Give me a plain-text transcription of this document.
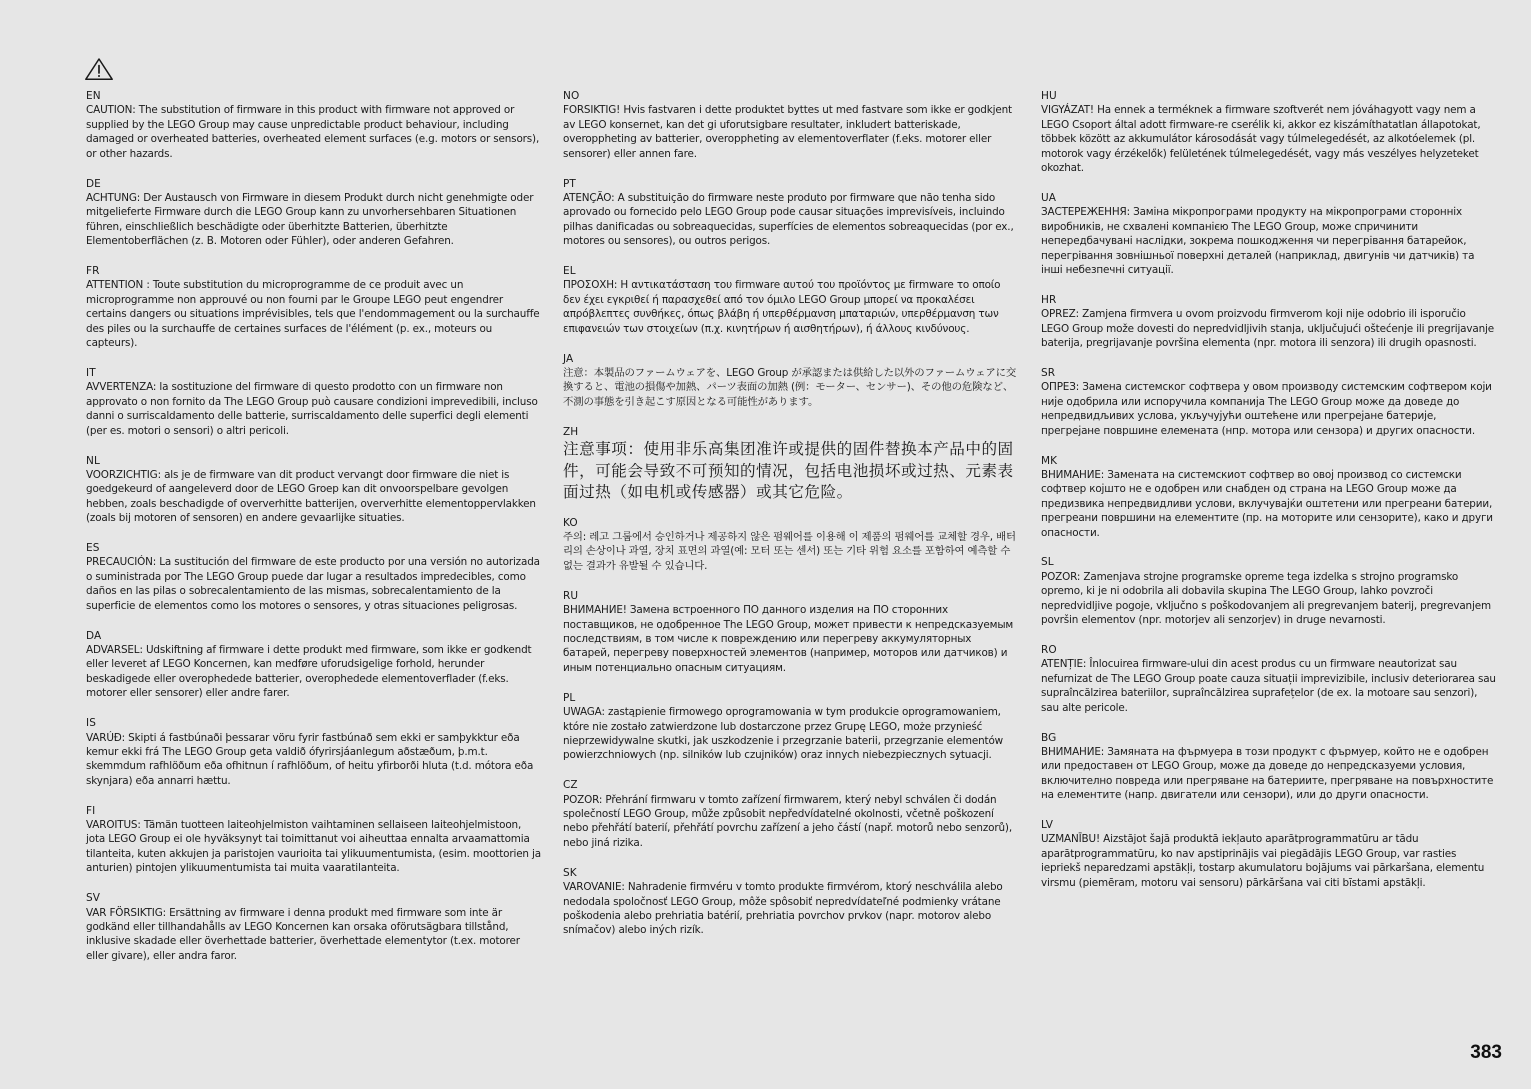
EN
CAUTION: The substitution of firmware in this product with firmware not approved or supplied by the LEGO Group may cause unpredictable product behaviour, including damaged or overheated batteries, overheated element surfaces (e.g. motors or sensors), or other hazards.
DE
ACHTUNG: Der Austausch von Firmware in diesem Produkt durch nicht genehmigte oder mitgelieferte Firmware durch die LEGO Group kann zu unvorhersehbaren Situationen führen, einschließlich beschädigte oder überhitzte Batterien, überhitzte Elementoberflächen (z. B. Motoren oder Fühler), oder anderen Gefahren.
FR
ATTENTION : Toute substitution du microprogramme de ce produit avec un microprogramme non approuvé ou non fourni par le Groupe LEGO peut engendrer certains dangers ou situations imprévisibles, tels que l'endommagement ou la surchauffe des piles ou la surchauffe de certaines surfaces de l'élément (p. ex., moteurs ou capteurs).
IT
AVVERTENZA: la sostituzione del firmware di questo prodotto con un firmware non approvato o non fornito da The LEGO Group può causare condizioni imprevedibili, incluso danni o surriscaldamento delle batterie, surriscaldamento delle superfici degli elementi (per es. motori o sensori) o altri pericoli.
NL
VOORZICHTIG: als je de firmware van dit product vervangt door firmware die niet is goedgekeurd of aangeleverd door de LEGO Groep kan dit onvoorspelbare gevolgen hebben, zoals beschadigde of oververhitte batterijen, oververhitte elementoppervlakken (zoals bij motoren of sensoren) en andere gevaarlijke situaties.
ES
PRECAUCIÓN: La sustitución del firmware de este producto por una versión no autorizada o suministrada por The LEGO Group puede dar lugar a resultados impredecibles, como daños en las pilas o sobrecalentamiento de las mismas, sobrecalentamiento de la superficie de elementos como los motores o sensores, y otras situaciones peligrosas.
DA
ADVARSEL: Udskiftning af firmware i dette produkt med firmware, som ikke er godkendt eller leveret af LEGO Koncernen, kan medføre uforudsigelige forhold, herunder beskadigede eller overophedede batterier, overophedede elementoverflader (f.eks. motorer eller sensorer) eller andre farer.
IS
VARÚÐ: Skipti á fastbúnaði þessarar vöru fyrir fastbúnað sem ekki er samþykktur eða kemur ekki frá The LEGO Group geta valdið ófyrirsjáanlegum aðstæðum, þ.m.t. skemmdum rafhlöðum eða ofhitnun í rafhlöðum, of heitu yfirborði hluta (t.d. mótora eða skynjara) eða annarri hættu.
FI
VAROITUS: Tämän tuotteen laiteohjelmiston vaihtaminen sellaiseen laiteohjelmistoon, jota LEGO Group ei ole hyväksynyt tai toimittanut voi aiheuttaa ennalta arvaamattomia tilanteita, kuten akkujen ja paristojen vaurioita tai ylikuumentumista, (esim. moottorien ja anturien) pintojen ylikuumentumista tai muita vaaratilanteita.
SV
VAR FÖRSIKTIG: Ersättning av firmware i denna produkt med firmware som inte är godkänd eller tillhandahålls av LEGO Koncernen kan orsaka oförutsägbara tillstånd, inklusive skadade eller överhettade batterier, överhettade elementytor (t.ex. motorer eller givare), eller andra faror.
NO
FORSIKTIG! Hvis fastvaren i dette produktet byttes ut med fastvare som ikke er godkjent av LEGO konsernet, kan det gi uforutsigbare resultater, inkludert batteriskade, overoppheting av batterier, overoppheting av elementoverflater (f.eks. motorer eller sensorer) eller annen fare.
PT
ATENÇÃO: A substituição do firmware neste produto por firmware que não tenha sido aprovado ou fornecido pelo LEGO Group pode causar situações imprevisíveis, incluindo pilhas danificadas ou sobreaquecidas, superfícies de elementos sobreaquecidas (por ex., motores ou sensores), ou outros perigos.
EL
ΠΡΟΣΟΧΗ: Η αντικατάσταση του firmware αυτού του προϊόντος με firmware το οποίο δεν έχει εγκριθεί ή παρασχεθεί από τον όμιλο LEGO Group μπορεί να προκαλέσει απρόβλεπτες συνθήκες, όπως βλάβη ή υπερθέρμανση μπαταριών, υπερθέρμανση των επιφανειών των στοιχείων (π.χ. κινητήρων ή αισθητήρων), ή άλλους κινδύνους.
JA
注意：本製品のファームウェアを、LEGO Group が承認または供給した以外のファームウェアに交換すると、電池の損傷や加熱、パーツ表面の加熱 (例：モーター、センサー)、その他の危険など、不測の事態を引き起こす原因となる可能性があります。
ZH
注意事项：使用非乐高集团准许或提供的固件替换本产品中的固件，可能会导致不可预知的情况，包括电池损坏或过热、元素表面过热（如电机或传感器）或其它危险。
KO
주의: 레고 그룹에서 승인하거나 제공하지 않은 펌웨어를 이용해 이 제품의 펌웨어를 교체할 경우, 배터리의 손상이나 과열, 장치 표면의 과열(예: 모터 또는 센서) 또는 기타 위험 요소를 포함하여 예측할 수 없는 결과가 유발될 수 있습니다.
RU
ВНИМАНИЕ! Замена встроенного ПО данного изделия на ПО сторонних поставщиков, не одобренное The LEGO Group, может привести к непредсказуемым последствиям, в том числе к повреждению или перегреву аккумуляторных батарей, перегреву поверхностей элементов (например, моторов или датчиков) и иным потенциально опасным ситуациям.
PL
UWAGA: zastąpienie firmowego oprogramowania w tym produkcie oprogramowaniem, które nie zostało zatwierdzone lub dostarczone przez Grupę LEGO, może przynieść nieprzewidywalne skutki, jak uszkodzenie i przegrzanie baterii, przegrzanie elementów powierzchniowych (np. silników lub czujników) oraz innych niebezpiecznych sytuacji.
CZ
POZOR: Přehrání firmwaru v tomto zařízení firmwarem, který nebyl schválen či dodán společností LEGO Group, může způsobit nepředvídatelné okolnosti, včetně poškození nebo přehřátí baterií, přehřátí povrchu zařízení a jeho částí (např. motorů nebo senzorů), nebo jiná rizika.
SK
VAROVANIE: Nahradenie firmvéru v tomto produkte firmvérom, ktorý neschválila alebo nedodala spoločnosť LEGO Group, môže spôsobiť nepredvídateľné podmienky vrátane poškodenia alebo prehriatia batérií, prehriatia povrchov prvkov (napr. motorov alebo snímačov) alebo iných rizík.
HU
VIGYÁZAT! Ha ennek a terméknek a firmware szoftverét nem jóváhagyott vagy nem a LEGO Csoport által adott firmware-re cserélik ki, akkor ez kiszámíthatatlan állapotokat, többek között az akkumulátor károsodását vagy túlmelegedését, az alkotóelemek (pl. motorok vagy érzékelők) felületének túlmelegedését, vagy más veszélyes helyzeteket okozhat.
UA
ЗАСТЕРЕЖЕННЯ: Заміна мікропрограми продукту на мікропрограми сторонніх виробників, не схвалені компанією The LEGO Group, може спричинити непередбачувані наслідки, зокрема пошкодження чи перегрівання батарейок, перегрівання зовнішньої поверхні деталей (наприклад, двигунів чи датчиків) та інші небезпечні ситуації.
HR
OPREZ: Zamjena firmvera u ovom proizvodu firmverom koji nije odobrio ili isporučio LEGO Group može dovesti do nepredvidljivih stanja, uključujući oštećenje ili pregrijavanje baterija, pregrijavanje površina elementa (npr. motora ili senzora) ili drugih opasnosti.
SR
ОПРЕЗ: Замена системског софтвера у овом производу системским софтвером који није одобрила или испоручила компанија The LEGO Group може да доведе до непредвидљивих услова, укључујући оштећене или прегрејане батерије, прегрејане површине елемената (нпр. мотора или сензора) и других опасности.
MK
ВНИМАНИЕ: Замената на системскиот софтвер во овој производ со системски софтвер којшто не е одобрен или снабден од страна на LEGO Group може да предизвика непредвидливи услови, вклучувајќи оштетени или прегреани батерии, прегреани површини на елементите (пр. на моторите или сензорите), како и други опасности.
SL
POZOR: Zamenjava strojne programske opreme tega izdelka s strojno programsko opremo, ki je ni odobrila ali dobavila skupina The LEGO Group, lahko povzroči nepredvidljive pogoje, vključno s poškodovanjem ali pregrevanjem baterij, pregrevanjem površin elementov (npr. motorjev ali senzorjev) in druge nevarnosti.
RO
ATENȚIE: Înlocuirea firmware-ului din acest produs cu un firmware neautorizat sau nefurnizat de The LEGO Group poate cauza situații imprevizibile, inclusiv deteriorarea sau supraîncălzirea bateriilor, supraîncălzirea suprafețelor (de ex. la motoare sau senzori), sau alte pericole.
BG
ВНИМАНИЕ: Замяната на фърмуера в този продукт с фърмуер, който не е одобрен или предоставен от LEGO Group, може да доведе до непредсказуеми условия, включително повреда или прегряване на батериите, прегряване на повърхностите на елементите (напр. двигатели или сензори), или до други опасности.
LV
UZMANĪBU! Aizstājot šajā produktā iekļauto aparātprogrammatūru ar tādu aparātprogrammatūru, ko nav apstiprinājis vai piegādājis LEGO Group, var rasties iepriekš neparedzami apstākļi, tostarp akumulatoru bojājums vai pārkaršana, elementu virsmu (piemēram, motoru vai sensoru) pārkāršana vai citi bīstami apstākļi.
383
